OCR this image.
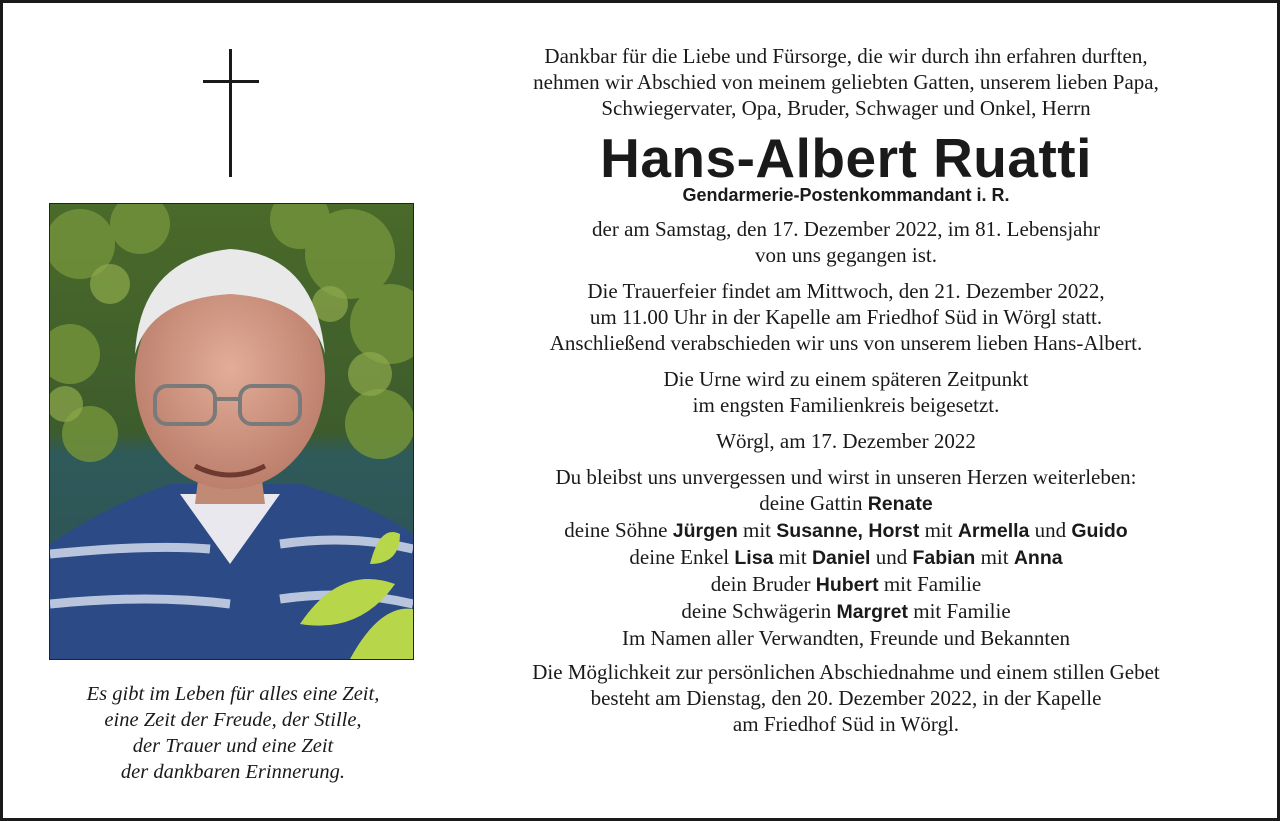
Es gibt im Leben für alles eine Zeit,
eine Zeit der Freude, der Stille,
der Trauer und eine Zeit
der dankbaren Erinnerung.
Dankbar für die Liebe und Fürsorge, die wir durch ihn erfahren durften,
nehmen wir Abschied von meinem geliebten Gatten, unserem lieben Papa,
Schwiegervater, Opa, Bruder, Schwager und Onkel, Herrn
Hans-Albert Ruatti
Gendarmerie-Postenkommandant i. R.
der am Samstag, den 17. Dezember 2022, im 81. Lebensjahr
von uns gegangen ist.
Die Trauerfeier findet am Mittwoch, den 21. Dezember 2022,
um 11.00 Uhr in der Kapelle am Friedhof Süd in Wörgl statt.
Anschließend verabschieden wir uns von unserem lieben Hans-Albert.
Die Urne wird zu einem späteren Zeitpunkt
im engsten Familienkreis beigesetzt.
Wörgl, am 17. Dezember 2022
Du bleibst uns unvergessen und wirst in unseren Herzen weiterleben:
deine Gattin Renate
deine Söhne Jürgen mit Susanne, Horst mit Armella und Guido
deine Enkel Lisa mit Daniel und Fabian mit Anna
dein Bruder Hubert mit Familie
deine Schwägerin Margret mit Familie
Im Namen aller Verwandten, Freunde und Bekannten
Die Möglichkeit zur persönlichen Abschiednahme und einem stillen Gebet
besteht am Dienstag, den 20. Dezember 2022, in der Kapelle
am Friedhof Süd in Wörgl.
